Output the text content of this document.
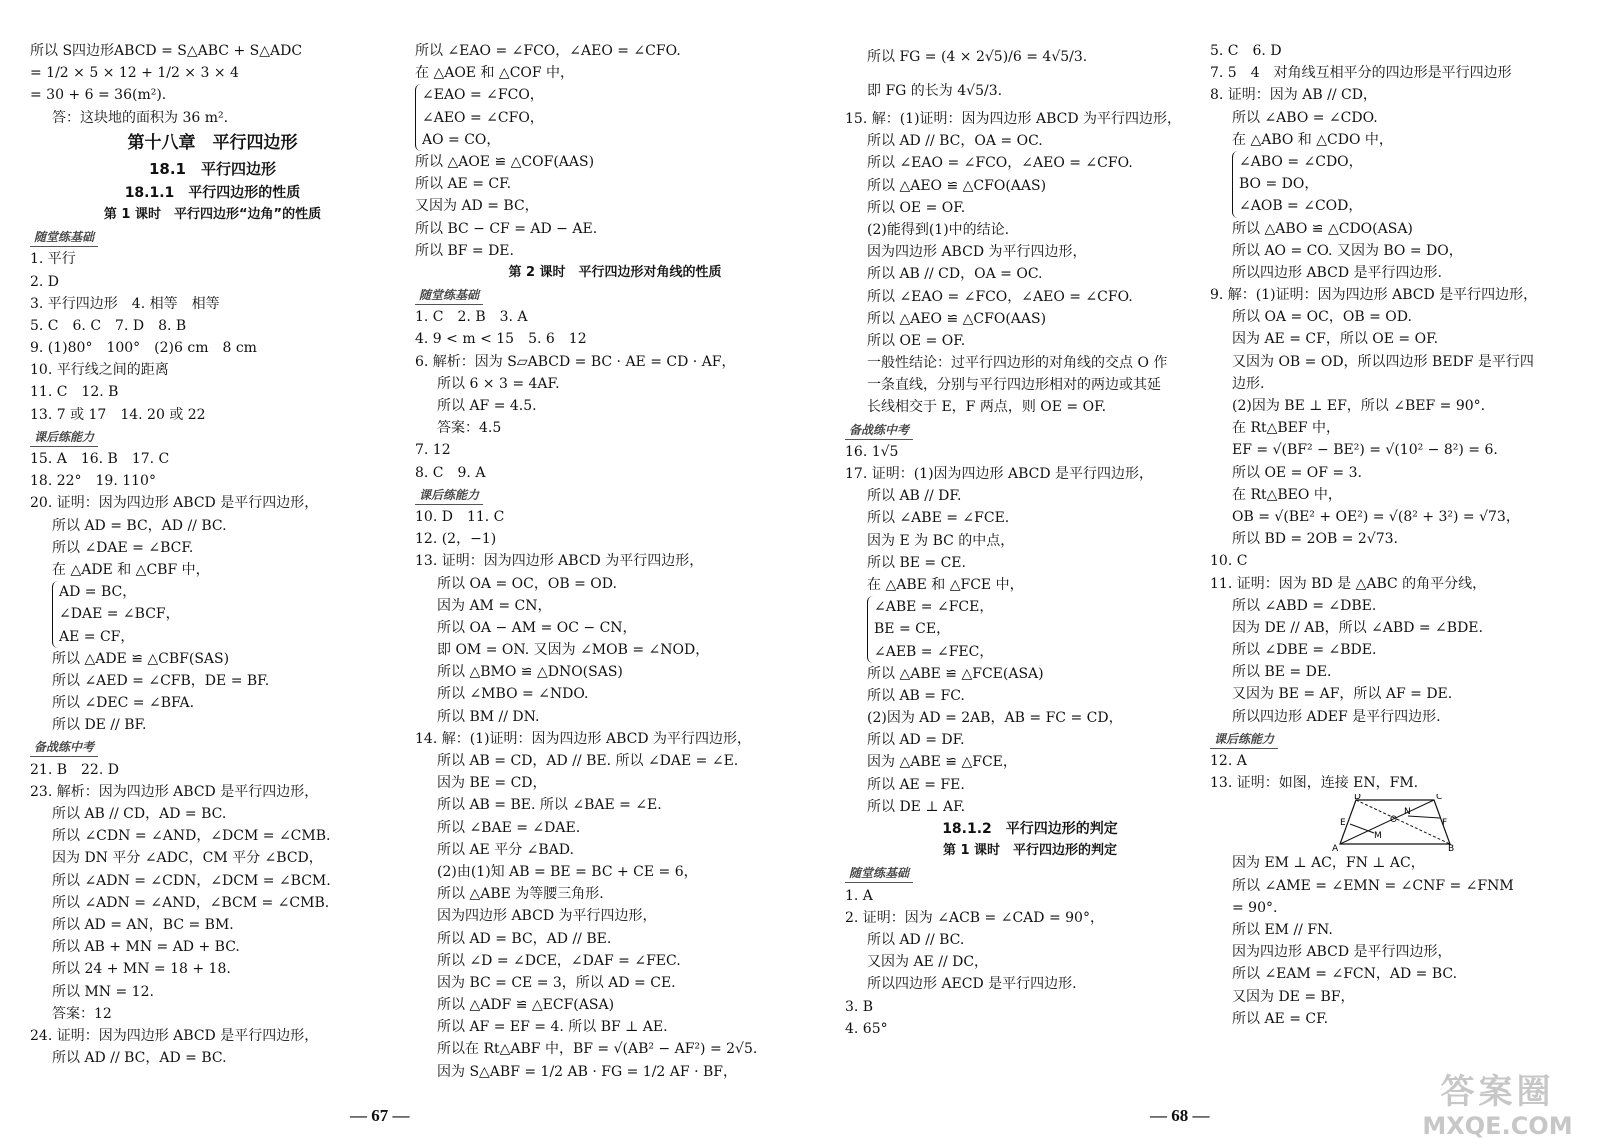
所以 S四边形ABCD = S△ABC + S△ADC
= 1/2 × 5 × 12 + 1/2 × 3 × 4
= 30 + 6 = 36(m²).
答：这块地的面积为 36 m².
第十八章　平行四边形
18.1　平行四边形
18.1.1　平行四边形的性质
第 1 课时　平行四边形“边角”的性质
随堂练基础
1. 平行
2. D
3. 平行四边形　4. 相等　相等
5. C　6. C　7. D　8. B
9. (1)80°　100°　(2)6 cm　8 cm
10. 平行线之间的距离
11. C　12. B
13. 7 或 17　14. 20 或 22
课后练能力
15. A　16. B　17. C
18. 22°　19. 110°
20. 证明：因为四边形 ABCD 是平行四边形，
所以 AD = BC，AD // BC.
所以 ∠DAE = ∠BCF.
在 △ADE 和 △CBF 中，
AD = BC，
∠DAE = ∠BCF，
AE = CF，
所以 △ADE ≌ △CBF(SAS)
所以 ∠AED = ∠CFB，DE = BF.
所以 ∠DEC = ∠BFA.
所以 DE // BF.
备战练中考
21. B　22. D
23. 解析：因为四边形 ABCD 是平行四边形，
所以 AB // CD，AD = BC.
所以 ∠CDN = ∠AND，∠DCM = ∠CMB.
因为 DN 平分 ∠ADC，CM 平分 ∠BCD，
所以 ∠ADN = ∠CDN，∠DCM = ∠BCM.
所以 ∠ADN = ∠AND，∠BCM = ∠CMB.
所以 AD = AN，BC = BM.
所以 AB + MN = AD + BC.
所以 24 + MN = 18 + 18.
所以 MN = 12.
答案：12
24. 证明：因为四边形 ABCD 是平行四边形，
所以 AD // BC，AD = BC.
所以 ∠EAO = ∠FCO，∠AEO = ∠CFO.
在 △AOE 和 △COF 中，
∠EAO = ∠FCO，
∠AEO = ∠CFO，
AO = CO，
所以 △AOE ≌ △COF(AAS)
所以 AE = CF.
又因为 AD = BC，
所以 BC − CF = AD − AE.
所以 BF = DE.
第 2 课时　平行四边形对角线的性质
随堂练基础
1. C　2. B　3. A
4. 9 < m < 15　5. 6　12
6. 解析：因为 S▱ABCD = BC · AE = CD · AF，
所以 6 × 3 = 4AF.
所以 AF = 4.5.
答案：4.5
7. 12
8. C　9. A
课后练能力
10. D　11. C
12. (2，−1)
13. 证明：因为四边形 ABCD 为平行四边形，
所以 OA = OC，OB = OD.
因为 AM = CN，
所以 OA − AM = OC − CN，
即 OM = ON. 又因为 ∠MOB = ∠NOD，
所以 △BMO ≌ △DNO(SAS)
所以 ∠MBO = ∠NDO.
所以 BM // DN.
14. 解：(1)证明：因为四边形 ABCD 为平行四边形，
所以 AB = CD，AD // BE. 所以 ∠DAE = ∠E.
因为 BE = CD，
所以 AB = BE. 所以 ∠BAE = ∠E.
所以 ∠BAE = ∠DAE.
所以 AE 平分 ∠BAD.
(2)由(1)知 AB = BE = BC + CE = 6，
所以 △ABE 为等腰三角形.
因为四边形 ABCD 为平行四边形，
所以 AD = BC，AD // BE.
所以 ∠D = ∠DCE，∠DAF = ∠FEC.
因为 BC = CE = 3，所以 AD = CE.
所以 △ADF ≌ △ECF(ASA)
所以 AF = EF = 4. 所以 BF ⊥ AE.
所以在 Rt△ABF 中，BF = √(AB² − AF²) = 2√5.
因为 S△ABF = 1/2 AB · FG = 1/2 AF · BF，
所以 FG = (4 × 2√5)/6 = 4√5/3.
即 FG 的长为 4√5/3.
15. 解：(1)证明：因为四边形 ABCD 为平行四边形，
所以 AD // BC，OA = OC.
所以 ∠EAO = ∠FCO，∠AEO = ∠CFO.
所以 △AEO ≌ △CFO(AAS)
所以 OE = OF.
(2)能得到(1)中的结论.
因为四边形 ABCD 为平行四边形，
所以 AB // CD，OA = OC.
所以 ∠EAO = ∠FCO，∠AEO = ∠CFO.
所以 △AEO ≌ △CFO(AAS)
所以 OE = OF.
一般性结论：过平行四边形的对角线的交点 O 作
一条直线，分别与平行四边形相对的两边或其延
长线相交于 E，F 两点，则 OE = OF.
备战练中考
16. 1√5
17. 证明：(1)因为四边形 ABCD 是平行四边形，
所以 AB // DF.
所以 ∠ABE = ∠FCE.
因为 E 为 BC 的中点，
所以 BE = CE.
在 △ABE 和 △FCE 中，
∠ABE = ∠FCE，
BE = CE，
∠AEB = ∠FEC，
所以 △ABE ≌ △FCE(ASA)
所以 AB = FC.
(2)因为 AD = 2AB，AB = FC = CD，
所以 AD = DF.
因为 △ABE ≌ △FCE，
所以 AE = FE.
所以 DE ⊥ AF.
18.1.2　平行四边形的判定
第 1 课时　平行四边形的判定
随堂练基础
1. A
2. 证明：因为 ∠ACB = ∠CAD = 90°，
所以 AD // BC.
又因为 AE // DC，
所以四边形 AECD 是平行四边形.
3. B
4. 65°
5. C　6. D
7. 5　4　对角线互相平分的四边形是平行四边形
8. 证明：因为 AB // CD，
所以 ∠ABO = ∠CDO.
在 △ABO 和 △CDO 中，
∠ABO = ∠CDO，
BO = DO，
∠AOB = ∠COD，
所以 △ABO ≌ △CDO(ASA)
所以 AO = CO. 又因为 BO = DO，
所以四边形 ABCD 是平行四边形.
9. 解：(1)证明：因为四边形 ABCD 是平行四边形，
所以 OA = OC，OB = OD.
因为 AE = CF，所以 OE = OF.
又因为 OB = OD，所以四边形 BEDF 是平行四
边形.
(2)因为 BE ⊥ EF，所以 ∠BEF = 90°.
在 Rt△BEF 中，
EF = √(BF² − BE²) = √(10² − 8²) = 6.
所以 OE = OF = 3.
在 Rt△BEO 中，
OB = √(BE² + OE²) = √(8² + 3²) = √73，
所以 BD = 2OB = 2√73.
10. C
11. 证明：因为 BD 是 △ABC 的角平分线，
所以 ∠ABD = ∠DBE.
因为 DE // AB，所以 ∠ABD = ∠BDE.
所以 ∠DBE = ∠BDE.
所以 BE = DE.
又因为 BE = AF，所以 AF = DE.
所以四边形 ADEF 是平行四边形.
课后练能力
12. A
13. 证明：如图，连接 EN，FM.
D	C
E
N
O
M
F
A	B
因为 EM ⊥ AC，FN ⊥ AC，
所以 ∠AME = ∠EMN = ∠CNF = ∠FNM
= 90°.
所以 EM // FN.
因为四边形 ABCD 是平行四边形，
所以 ∠EAM = ∠FCN，AD = BC.
又因为 DE = BF，
所以 AE = CF.
— 67 —	— 68 —
答案圈
MXQE.COM
